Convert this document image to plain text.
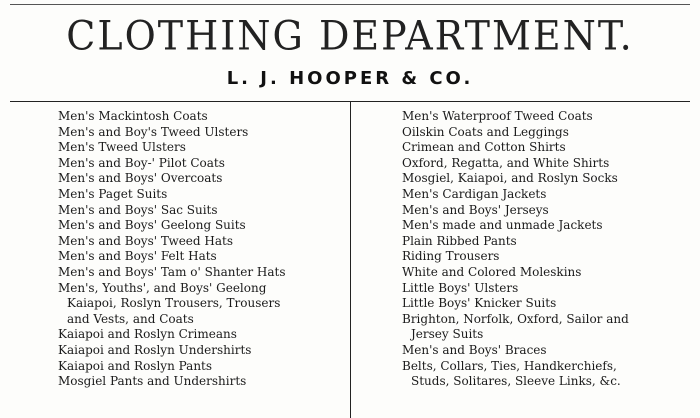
CLOTHING DEPARTMENT.
L. J. HOOPER & CO.
Men's Mackintosh Coats
Men's and Boy's Tweed Ulsters
Men's Tweed Ulsters
Men's and Boy-' Pilot Coats
Men's and Boys' Overcoats
Men's Paget Suits
Men's and Boys' Sac Suits
Men's and Boys' Geelong Suits
Men's and Boys' Tweed Hats
Men's and Boys' Felt Hats
Men's and Boys' Tam o' Shanter Hats
Men's, Youths', and Boys' Geelong
Kaiapoi, Roslyn Trousers, Trousers
and Vests, and Coats
Kaiapoi and Roslyn Crimeans
Kaiapoi and Roslyn Undershirts
Kaiapoi and Roslyn Pants
Mosgiel Pants and Undershirts
Men's Waterproof Tweed Coats
Oilskin Coats and Leggings
Crimean and Cotton Shirts
Oxford, Regatta, and White Shirts
Mosgiel, Kaiapoi, and Roslyn Socks
Men's Cardigan Jackets
Men's and Boys' Jerseys
Men's made and unmade Jackets
Plain Ribbed Pants
Riding Trousers
White and Colored Moleskins
Little Boys' Ulsters
Little Boys' Knicker Suits
Brighton, Norfolk, Oxford, Sailor and
Jersey Suits
Men's and Boys' Braces
Belts, Collars, Ties, Handkerchiefs,
Studs, Solitares, Sleeve Links, &c.
